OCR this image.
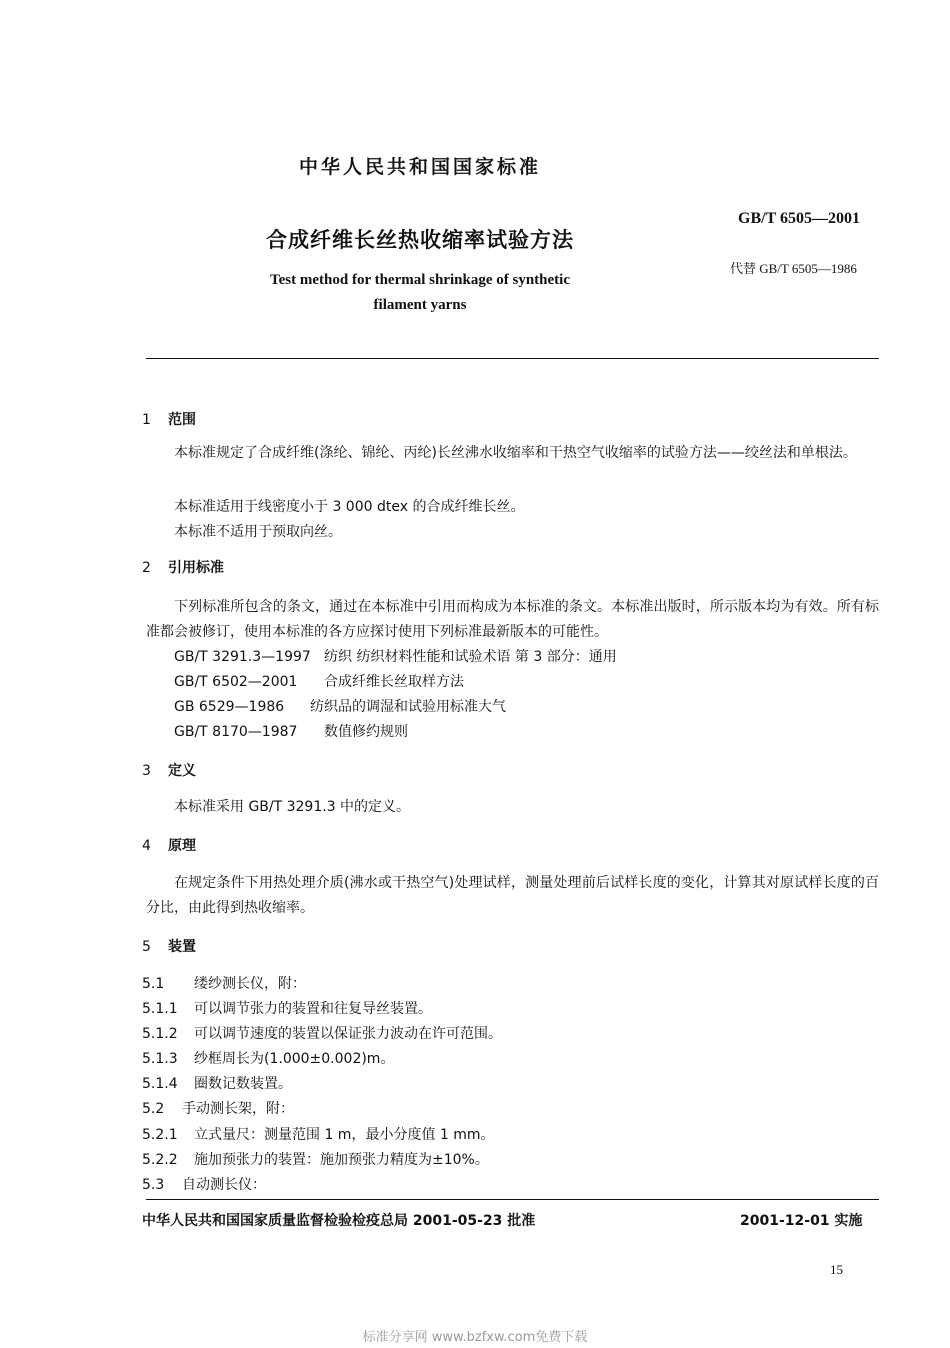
中华人民共和国国家标准
GB/T 6505—2001
合成纤维长丝热收缩率试验方法
代替 GB/T 6505—1986
Test method for thermal shrinkage of synthetic
filament yarns
1 范围
本标准规定了合成纤维(涤纶、锦纶、丙纶)长丝沸水收缩率和干热空气收缩率的试验方法——绞丝法和单根法。
本标准适用于线密度小于 3 000 dtex 的合成纤维长丝。
本标准不适用于预取向丝。
2 引用标准
下列标准所包含的条文，通过在本标准中引用而构成为本标准的条文。本标准出版时，所示版本均为有效。所有标准都会被修订，使用本标准的各方应探讨使用下列标准最新版本的可能性。
GB/T 3291.3—1997 纺织 纺织材料性能和试验术语 第 3 部分：通用
GB/T 6502—2001 合成纤维长丝取样方法
GB 6529—1986 纺织品的调湿和试验用标准大气
GB/T 8170—1987 数值修约规则
3 定义
本标准采用 GB/T 3291.3 中的定义。
4 原理
在规定条件下用热处理介质(沸水或干热空气)处理试样，测量处理前后试样长度的变化，计算其对原试样长度的百分比，由此得到热收缩率。
5 装置
5.1 缕纱测长仪，附：
5.1.1 可以调节张力的装置和往复导丝装置。
5.1.2 可以调节速度的装置以保证张力波动在许可范围。
5.1.3 纱框周长为(1.000±0.002)m。
5.1.4 圈数记数装置。
5.2 手动测长架，附：
5.2.1 立式量尺：测量范围 1 m，最小分度值 1 mm。
5.2.2 施加预张力的装置：施加预张力精度为±10%。
5.3 自动测长仪：
中华人民共和国国家质量监督检验检疫总局 2001-05-23 批准	2001-12-01 实施
15
标准分享网 www.bzfxw.com免费下载
